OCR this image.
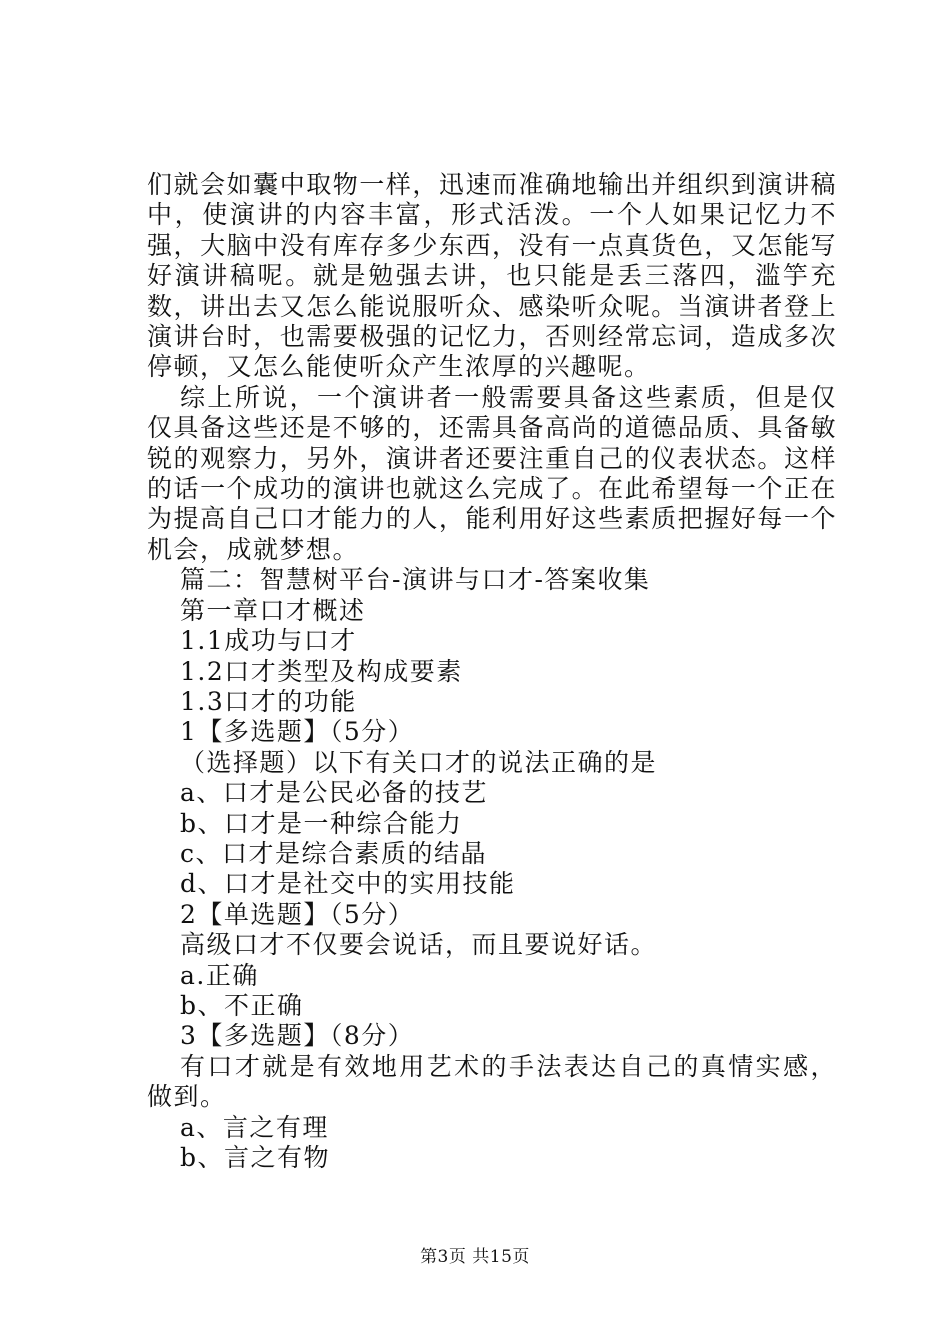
们就会如囊中取物一样，迅速而准确地输出并组织到演讲稿中，使演讲的内容丰富，形式活泼。一个人如果记忆力不强，大脑中没有库存多少东西，没有一点真货色，又怎能写好演讲稿呢。就是勉强去讲，也只能是丢三落四，滥竽充数，讲出去又怎么能说服听众、感染听众呢。当演讲者登上演讲台时，也需要极强的记忆力，否则经常忘词，造成多次停顿，又怎么能使听众产生浓厚的兴趣呢。

综上所说，一个演讲者一般需要具备这些素质，但是仅仅具备这些还是不够的，还需具备高尚的道德品质、具备敏锐的观察力，另外，演讲者还要注重自己的仪表状态。这样的话一个成功的演讲也就这么完成了。在此希望每一个正在为提高自己口才能力的人，能利用好这些素质把握好每一个机会，成就梦想。

篇二：智慧树平台-演讲与口才-答案收集

第一章口才概述

1.1成功与口才

1.2口才类型及构成要素

1.3口才的功能

1【多选题】（5分）

（选择题）以下有关口才的说法正确的是

a、口才是公民必备的技艺

b、口才是一种综合能力

c、口才是综合素质的结晶

d、口才是社交中的实用技能

2【单选题】（5分）

高级口才不仅要会说话，而且要说好话。

a.正确

b、不正确

3【多选题】（8分）

有口才就是有效地用艺术的手法表达自己的真情实感，做到。

a、言之有理

b、言之有物

第3页 共15页
